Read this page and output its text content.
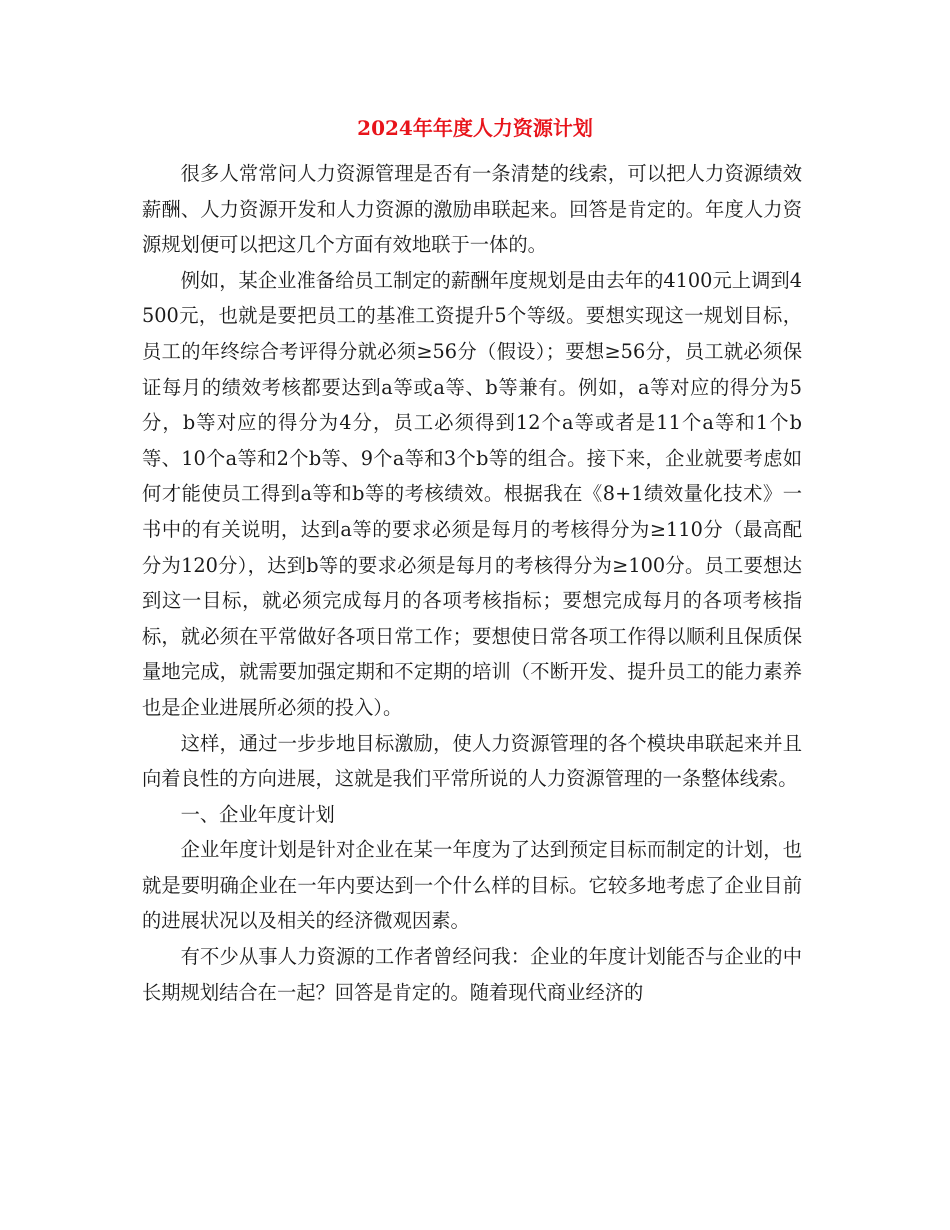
2024年年度人力资源计划

很多人常常问人力资源管理是否有一条清楚的线索，可以把人力资源绩效薪酬、人力资源开发和人力资源的激励串联起来。回答是肯定的。年度人力资源规划便可以把这几个方面有效地联于一体的。

例如，某企业准备给员工制定的薪酬年度规划是由去年的4100元上调到4500元，也就是要把员工的基准工资提升5个等级。要想实现这一规划目标，员工的年终综合考评得分就必须≥56分（假设）；要想≥56分，员工就必须保证每月的绩效考核都要达到a等或a等、b等兼有。例如，a等对应的得分为5分，b等对应的得分为4分，员工必须得到12个a等或者是11个a等和1个b等、10个a等和2个b等、9个a等和3个b等的组合。接下来，企业就要考虑如何才能使员工得到a等和b等的考核绩效。根据我在《8+1绩效量化技术》一书中的有关说明，达到a等的要求必须是每月的考核得分为≥110分（最高配分为120分），达到b等的要求必须是每月的考核得分为≥100分。员工要想达到这一目标，就必须完成每月的各项考核指标；要想完成每月的各项考核指标，就必须在平常做好各项日常工作；要想使日常各项工作得以顺利且保质保量地完成，就需要加强定期和不定期的培训（不断开发、提升员工的能力素养也是企业进展所必须的投入）。

这样，通过一步步地目标激励，使人力资源管理的各个模块串联起来并且向着良性的方向进展，这就是我们平常所说的人力资源管理的一条整体线索。

一、企业年度计划

企业年度计划是针对企业在某一年度为了达到预定目标而制定的计划，也就是要明确企业在一年内要达到一个什么样的目标。它较多地考虑了企业目前的进展状况以及相关的经济微观因素。

有不少从事人力资源的工作者曾经问我：企业的年度计划能否与企业的中长期规划结合在一起？回答是肯定的。随着现代商业经济的
